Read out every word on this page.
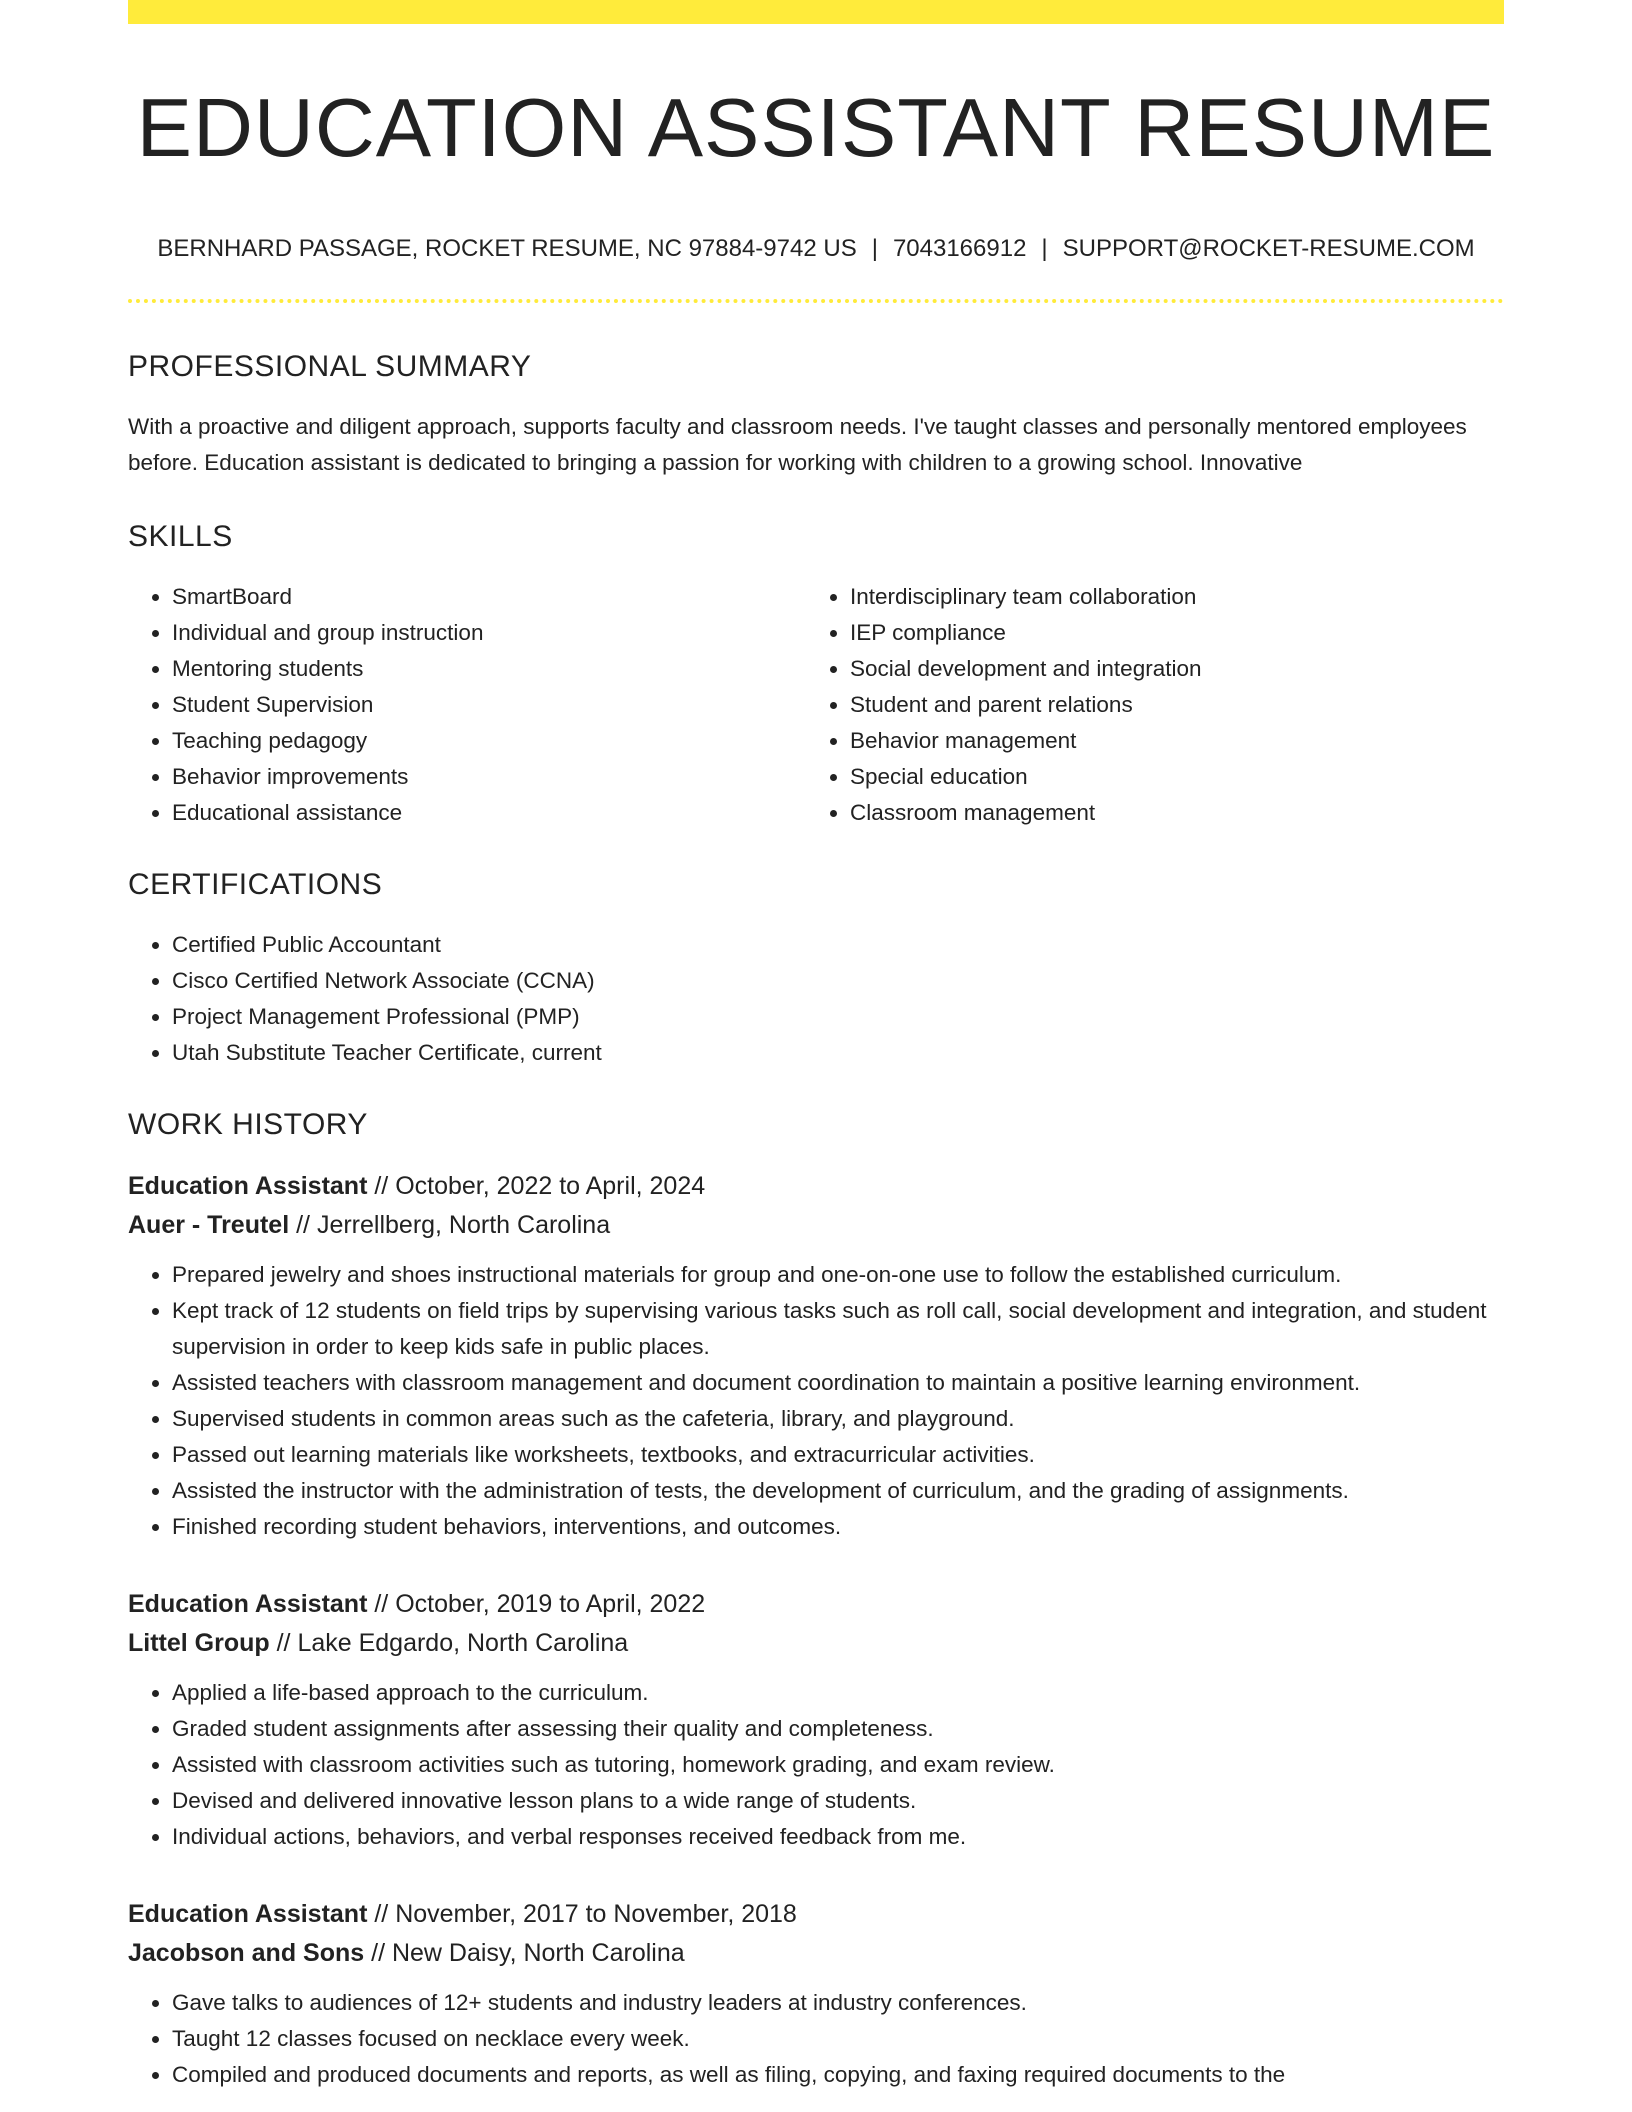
EDUCATION ASSISTANT RESUME
BERNHARD PASSAGE, ROCKET RESUME, NC 97884-9742 US | 7043166912 | SUPPORT@ROCKET-RESUME.COM
PROFESSIONAL SUMMARY
With a proactive and diligent approach, supports faculty and classroom needs. I've taught classes and personally mentored employees before. Education assistant is dedicated to bringing a passion for working with children to a growing school. Innovative
SKILLS
• SmartBoard
• Individual and group instruction
• Mentoring students
• Student Supervision
• Teaching pedagogy
• Behavior improvements
• Educational assistance
• Interdisciplinary team collaboration
• IEP compliance
• Social development and integration
• Student and parent relations
• Behavior management
• Special education
• Classroom management
CERTIFICATIONS
• Certified Public Accountant
• Cisco Certified Network Associate (CCNA)
• Project Management Professional (PMP)
• Utah Substitute Teacher Certificate, current
WORK HISTORY
Education Assistant // October, 2022 to April, 2024
Auer - Treutel // Jerrellberg, North Carolina
• Prepared jewelry and shoes instructional materials for group and one-on-one use to follow the established curriculum.
• Kept track of 12 students on field trips by supervising various tasks such as roll call, social development and integration, and student supervision in order to keep kids safe in public places.
• Assisted teachers with classroom management and document coordination to maintain a positive learning environment.
• Supervised students in common areas such as the cafeteria, library, and playground.
• Passed out learning materials like worksheets, textbooks, and extracurricular activities.
• Assisted the instructor with the administration of tests, the development of curriculum, and the grading of assignments.
• Finished recording student behaviors, interventions, and outcomes.
Education Assistant // October, 2019 to April, 2022
Littel Group // Lake Edgardo, North Carolina
• Applied a life-based approach to the curriculum.
• Graded student assignments after assessing their quality and completeness.
• Assisted with classroom activities such as tutoring, homework grading, and exam review.
• Devised and delivered innovative lesson plans to a wide range of students.
• Individual actions, behaviors, and verbal responses received feedback from me.
Education Assistant // November, 2017 to November, 2018
Jacobson and Sons // New Daisy, North Carolina
• Gave talks to audiences of 12+ students and industry leaders at industry conferences.
• Taught 12 classes focused on necklace every week.
• Compiled and produced documents and reports, as well as filing, copying, and faxing required documents to the
